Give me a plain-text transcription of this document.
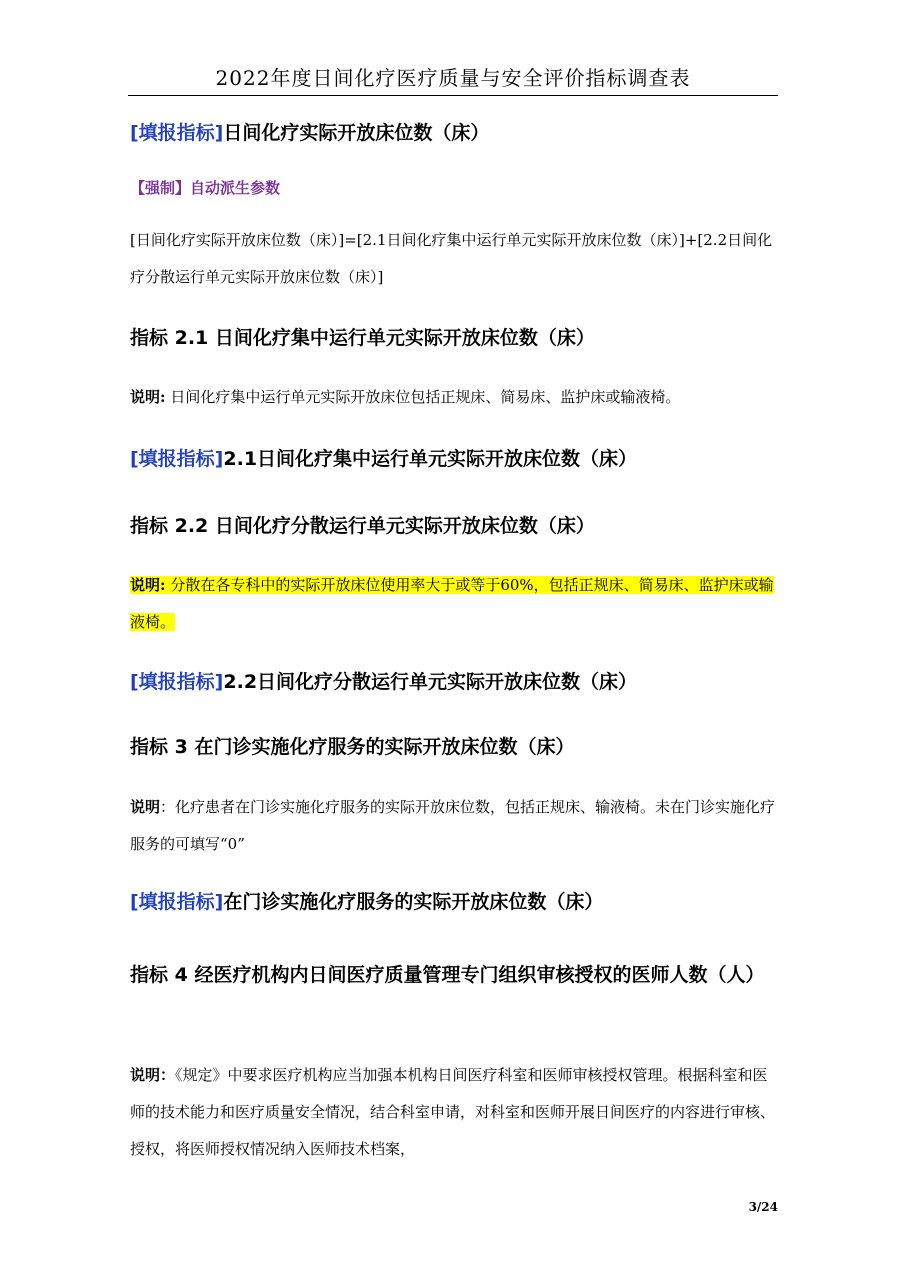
2022年度日间化疗医疗质量与安全评价指标调查表
[填报指标]日间化疗实际开放床位数（床）
【强制】自动派生参数
[日间化疗实际开放床位数（床）]=[2.1日间化疗集中运行单元实际开放床位数（床）]+[2.2日间化疗分散运行单元实际开放床位数（床）]
指标 2.1 日间化疗集中运行单元实际开放床位数（床）
说明: 日间化疗集中运行单元实际开放床位包括正规床、简易床、监护床或输液椅。
[填报指标]2.1日间化疗集中运行单元实际开放床位数（床）
指标 2.2 日间化疗分散运行单元实际开放床位数（床）
说明: 分散在各专科中的实际开放床位使用率大于或等于60%，包括正规床、简易床、监护床或输液椅。
[填报指标]2.2日间化疗分散运行单元实际开放床位数（床）
指标 3 在门诊实施化疗服务的实际开放床位数（床）
说明：化疗患者在门诊实施化疗服务的实际开放床位数，包括正规床、输液椅。未在门诊实施化疗服务的可填写“0”
[填报指标]在门诊实施化疗服务的实际开放床位数（床）
指标 4 经医疗机构内日间医疗质量管理专门组织审核授权的医师人数（人）
说明：《规定》中要求医疗机构应当加强本机构日间医疗科室和医师审核授权管理。根据科室和医师的技术能力和医疗质量安全情况，结合科室申请，对科室和医师开展日间医疗的内容进行审核、授权，将医师授权情况纳入医师技术档案，
3/24
